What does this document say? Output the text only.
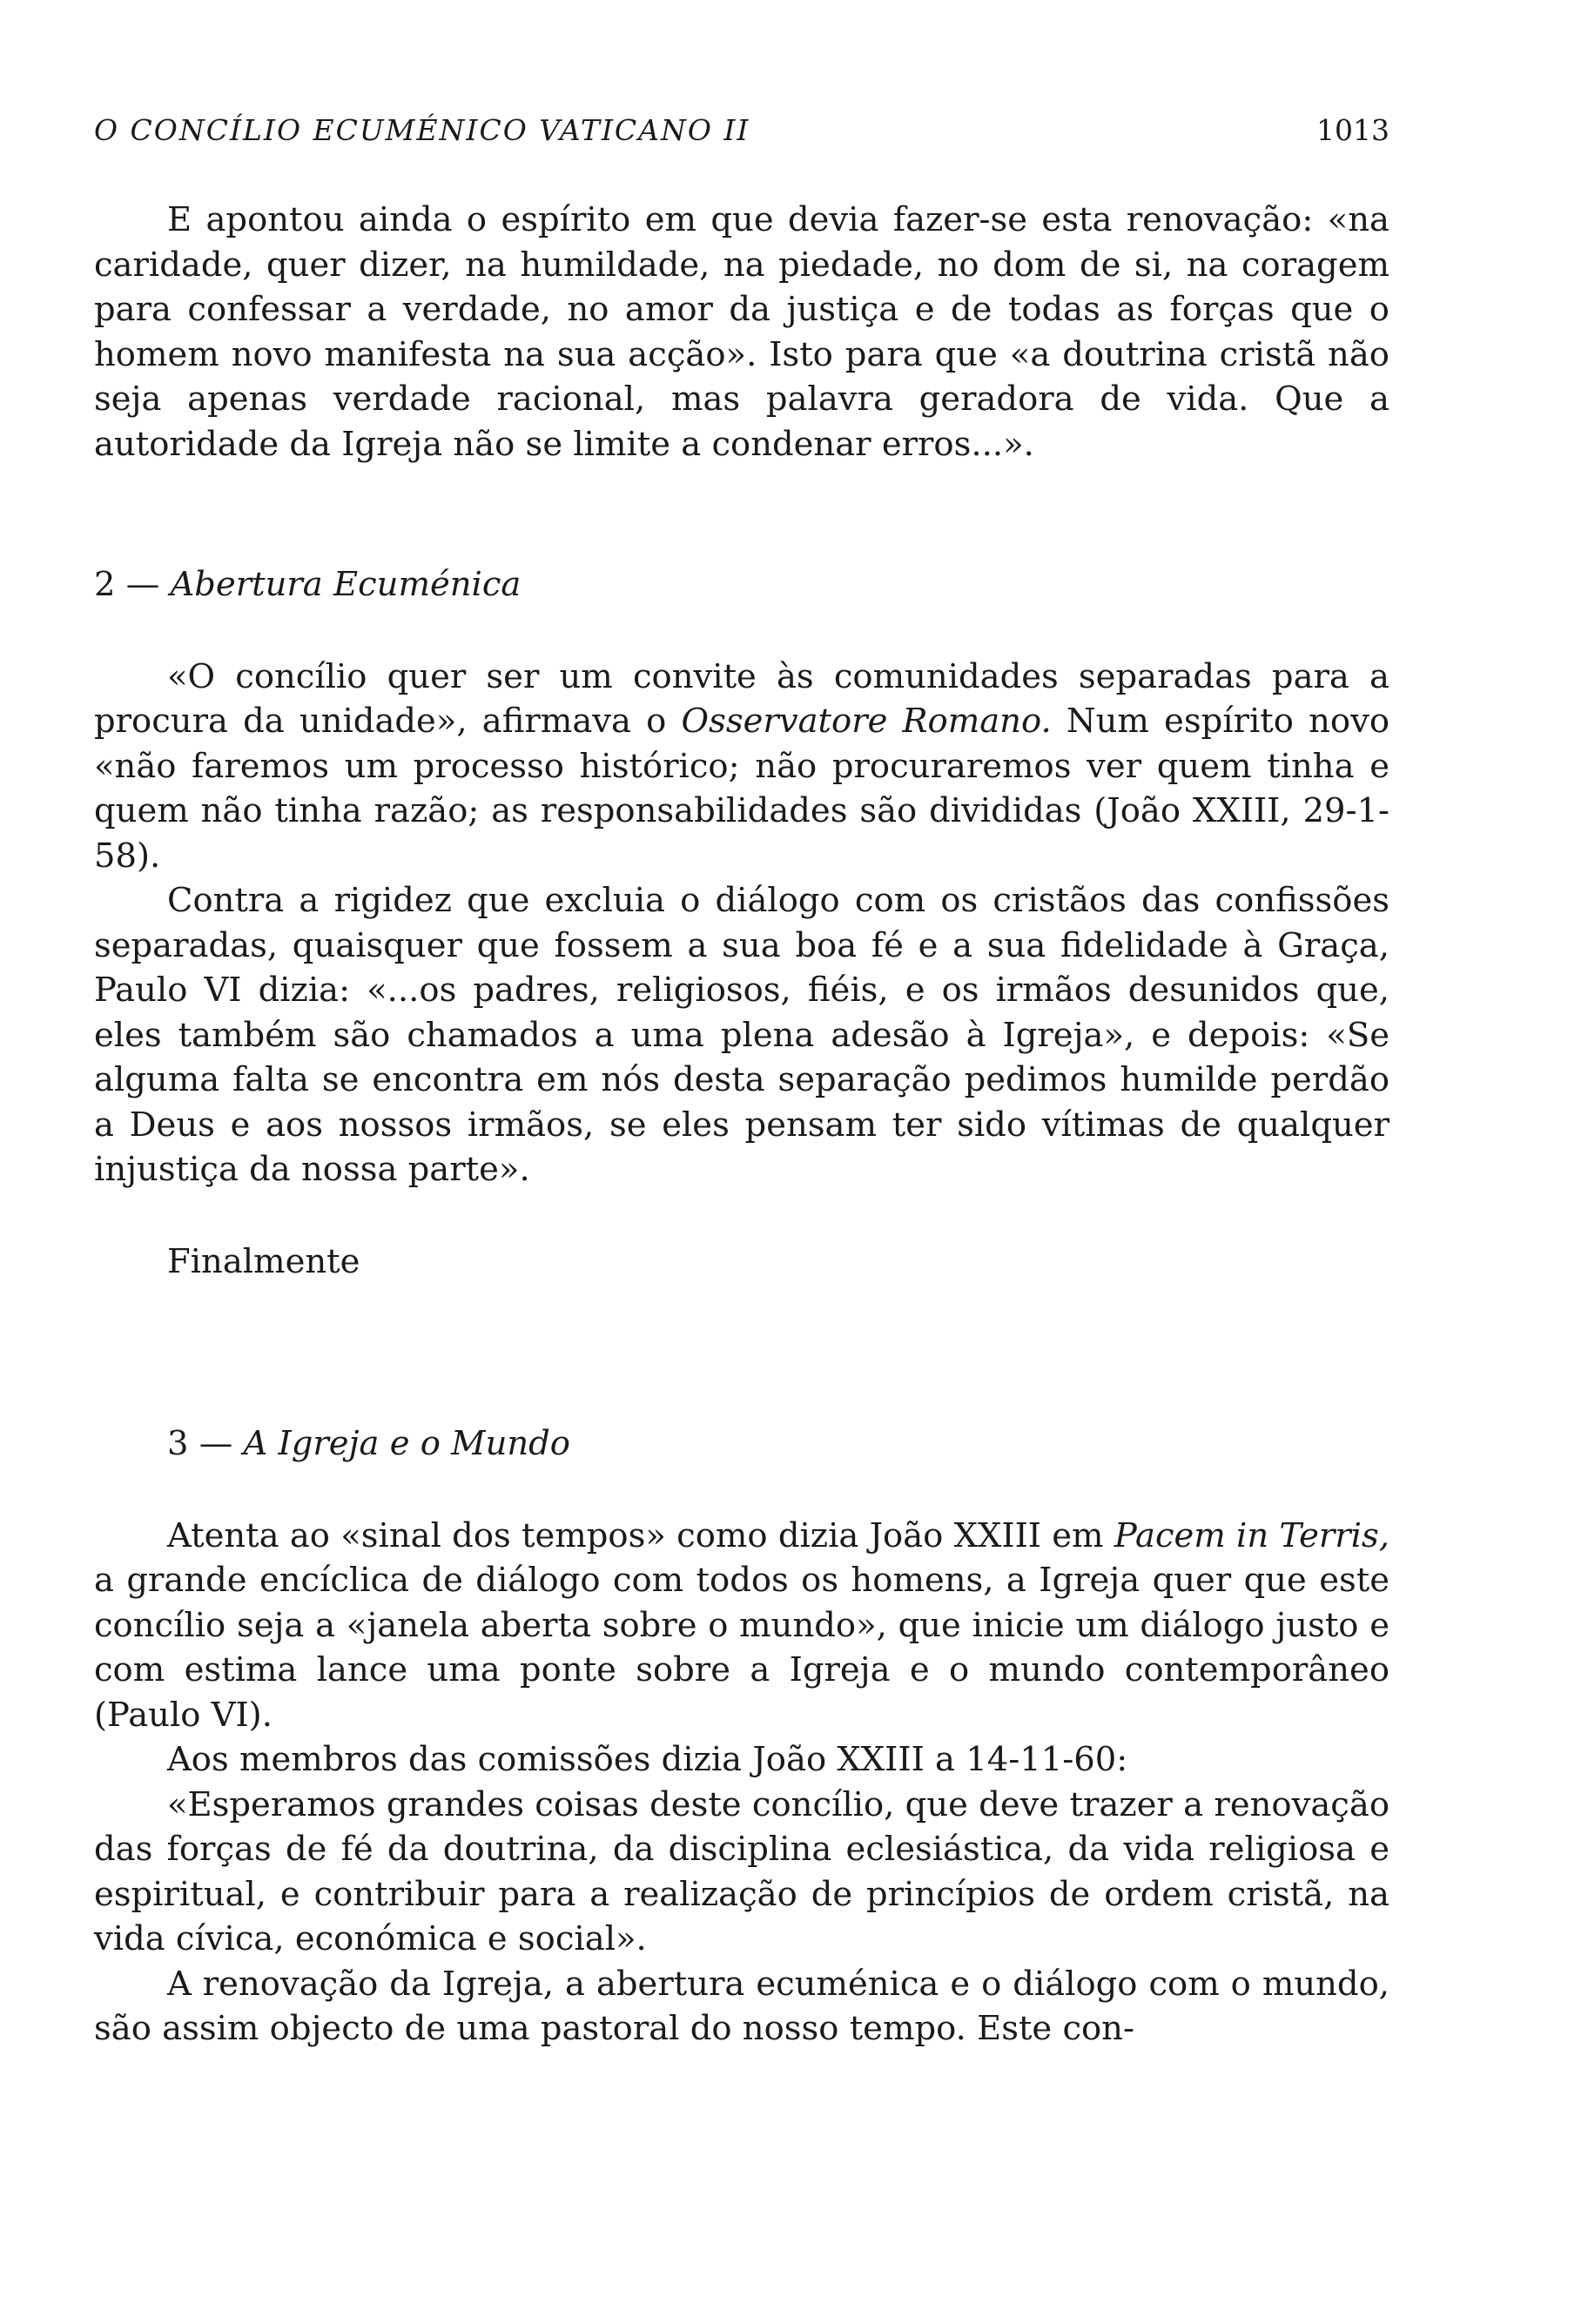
O CONCÍLIO ECUMÉNICO VATICANO II	1013

E apontou ainda o espírito em que devia fazer-se esta renovação: «na caridade, quer dizer, na humildade, na piedade, no dom de si, na coragem para confessar a verdade, no amor da justiça e de todas as forças que o homem novo manifesta na sua acção». Isto para que «a doutrina cristã não seja apenas verdade racional, mas palavra geradora de vida. Que a autoridade da Igreja não se limite a condenar erros...».

2 — Abertura Ecuménica

«O concílio quer ser um convite às comunidades separadas para a procura da unidade», afirmava o Osservatore Romano. Num espírito novo «não faremos um processo histórico; não procuraremos ver quem tinha e quem não tinha razão; as responsabilidades são divididas (João XXIII, 29-1-58).

Contra a rigidez que excluia o diálogo com os cristãos das confissões separadas, quaisquer que fossem a sua boa fé e a sua fidelidade à Graça, Paulo VI dizia: «...os padres, religiosos, fiéis, e os irmãos desunidos que, eles também são chamados a uma plena adesão à Igreja», e depois: «Se alguma falta se encontra em nós desta separação pedimos humilde perdão a Deus e aos nossos irmãos, se eles pensam ter sido vítimas de qualquer injustiça da nossa parte».

Finalmente

3 — A Igreja e o Mundo

Atenta ao «sinal dos tempos» como dizia João XXIII em Pacem in Terris, a grande encíclica de diálogo com todos os homens, a Igreja quer que este concílio seja a «janela aberta sobre o mundo», que inicie um diálogo justo e com estima lance uma ponte sobre a Igreja e o mundo contemporâneo (Paulo VI).

Aos membros das comissões dizia João XXIII a 14-11-60:

«Esperamos grandes coisas deste concílio, que deve trazer a renovação das forças de fé da doutrina, da disciplina eclesiástica, da vida religiosa e espiritual, e contribuir para a realização de princípios de ordem cristã, na vida cívica, económica e social».

A renovação da Igreja, a abertura ecuménica e o diálogo com o mundo, são assim objecto de uma pastoral do nosso tempo. Este con-
